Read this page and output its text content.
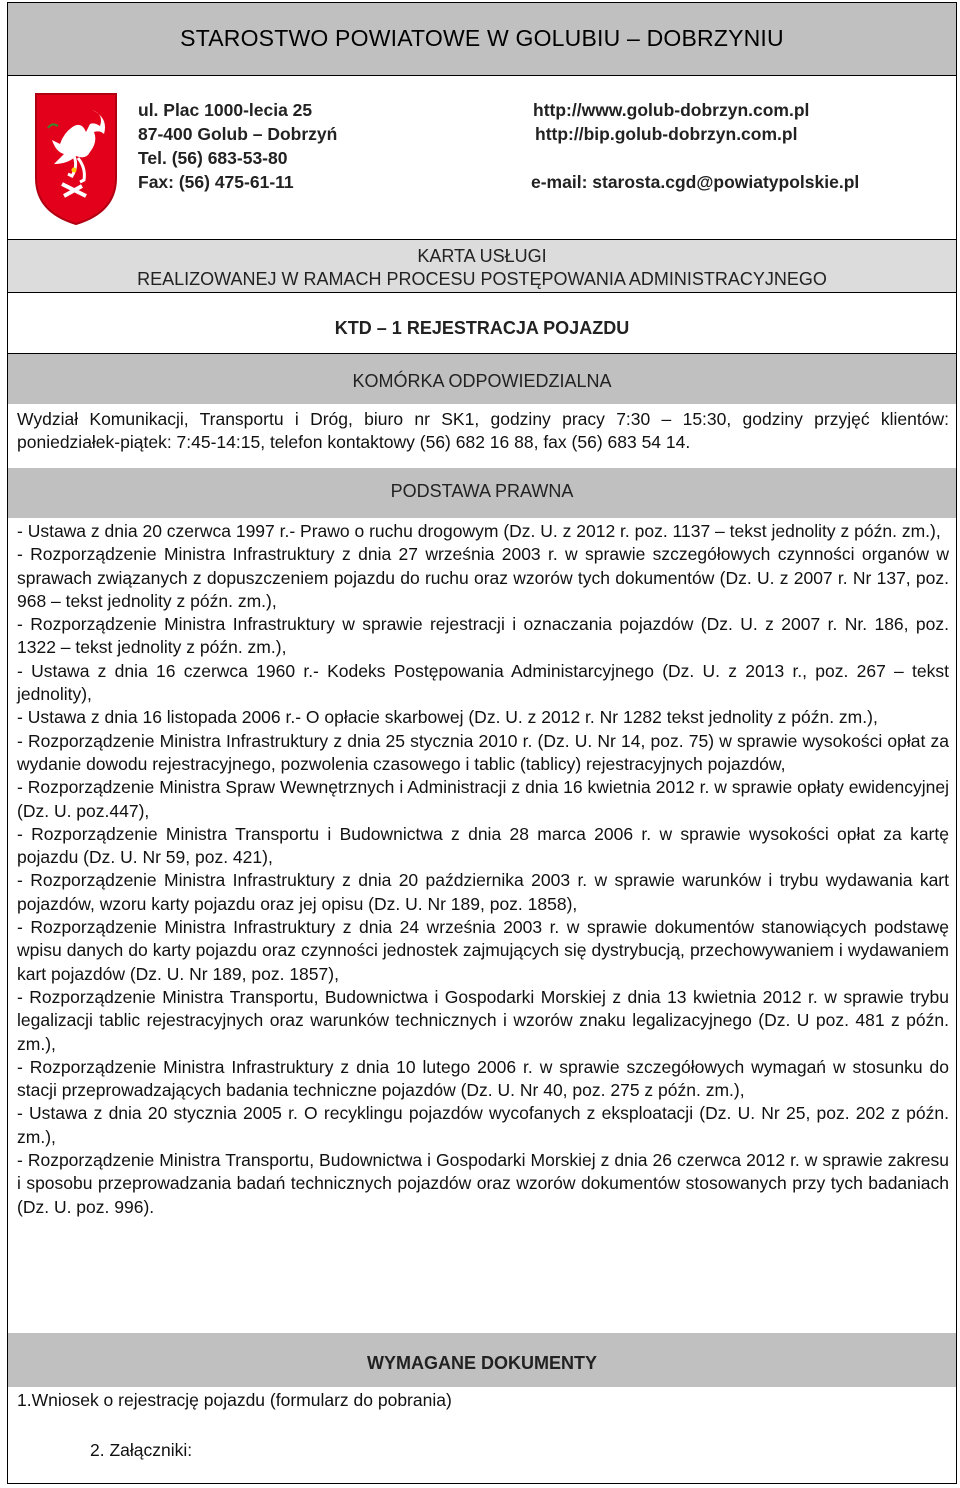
STAROSTWO POWIATOWE W GOLUBIU – DOBRZYNIU
ul. Plac 1000-lecia 25
87-400 Golub – Dobrzyń
Tel. (56) 683-53-80
Fax: (56) 475-61-11
http://www.golub-dobrzyn.com.pl
http://bip.golub-dobrzyn.com.pl
e-mail: starosta.cgd@powiatypolskie.pl
KARTA USŁUGI
REALIZOWANEJ W RAMACH PROCESU POSTĘPOWANIA ADMINISTRACYJNEGO
KTD – 1 REJESTRACJA POJAZDU
KOMÓRKA ODPOWIEDZIALNA
Wydział Komunikacji, Transportu i Dróg, biuro nr SK1, godziny pracy 7:30 – 15:30, godziny przyjęć klientów: poniedziałek-piątek: 7:45-14:15, telefon kontaktowy (56) 682 16 88, fax (56) 683 54 14.
PODSTAWA PRAWNA

- Ustawa z dnia 20 czerwca 1997 r.- Prawo o ruchu drogowym (Dz. U. z 2012 r. poz. 1137 – tekst jednolity z późn. zm.),

- Rozporządzenie Ministra Infrastruktury z dnia 27 września 2003 r. w sprawie szczegółowych czynności organów w sprawach związanych z dopuszczeniem pojazdu do ruchu oraz wzorów tych dokumentów (Dz. U. z 2007 r. Nr 137, poz. 968 – tekst jednolity z późn. zm.),

- Rozporządzenie Ministra Infrastruktury w sprawie rejestracji i oznaczania pojazdów (Dz. U. z 2007 r. Nr. 186, poz. 1322 – tekst jednolity z późn. zm.),

- Ustawa z dnia 16 czerwca 1960 r.- Kodeks Postępowania Administarcyjnego (Dz. U. z 2013 r., poz. 267 – tekst jednolity),

- Ustawa z dnia 16 listopada 2006 r.- O opłacie skarbowej (Dz. U. z 2012 r. Nr 1282 tekst jednolity z późn. zm.),

- Rozporządzenie Ministra Infrastruktury z dnia 25 stycznia 2010 r. (Dz. U. Nr 14, poz. 75) w sprawie wysokości opłat za wydanie dowodu rejestracyjnego, pozwolenia czasowego i tablic (tablicy) rejestracyjnych pojazdów,

- Rozporządzenie Ministra Spraw Wewnętrznych i Administracji z dnia 16 kwietnia 2012 r. w sprawie opłaty ewidencyjnej (Dz. U. poz.447),

- Rozporządzenie Ministra Transportu i Budownictwa z dnia 28 marca 2006 r. w sprawie wysokości opłat za kartę pojazdu (Dz. U. Nr 59, poz. 421),

- Rozporządzenie Ministra Infrastruktury z dnia 20 października 2003 r. w sprawie warunków i trybu wydawania kart pojazdów, wzoru karty pojazdu oraz jej opisu (Dz. U. Nr 189, poz. 1858),

- Rozporządzenie Ministra Infrastruktury z dnia 24 września 2003 r. w sprawie dokumentów stanowiących podstawę wpisu danych do karty pojazdu oraz czynności jednostek zajmujących się dystrybucją, przechowywaniem i wydawaniem kart pojazdów (Dz. U. Nr 189, poz. 1857),

- Rozporządzenie Ministra Transportu, Budownictwa i Gospodarki Morskiej z dnia 13 kwietnia 2012 r. w sprawie trybu legalizacji tablic rejestracyjnych oraz warunków technicznych i wzorów znaku legalizacyjnego (Dz. U poz. 481 z późn. zm.),

- Rozporządzenie Ministra Infrastruktury z dnia 10 lutego 2006 r. w sprawie szczegółowych wymagań w stosunku do stacji przeprowadzających badania techniczne pojazdów (Dz. U. Nr 40, poz. 275 z późn. zm.),

- Ustawa z dnia 20 stycznia 2005 r. O recyklingu pojazdów wycofanych z eksploatacji (Dz. U. Nr 25, poz. 202 z późn. zm.),

- Rozporządzenie Ministra Transportu, Budownictwa i Gospodarki Morskiej z dnia 26 czerwca 2012 r. w sprawie zakresu i sposobu przeprowadzania badań technicznych pojazdów oraz wzorów dokumentów stosowanych przy tych badaniach (Dz. U. poz. 996).

WYMAGANE DOKUMENTY
1.Wniosek o rejestrację pojazdu (formularz do pobrania)
2. Załączniki:
